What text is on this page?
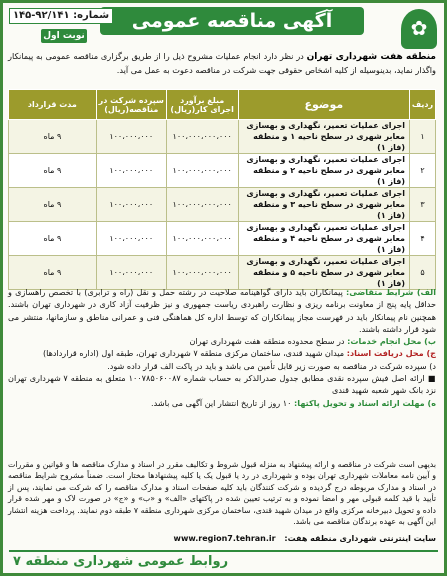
✿
آگهی مناقصه عمومی
شماره: ۹۲/۱۴۱-۱۴۵
نوبت اول
منطقه هفت شهرداری تهران در نظر دارد انجام عملیات مشروح ذیل را از طریق برگزاری مناقصه عمومی به پیمانکار واگذار نماید، بدینوسیله از کلیه اشخاص حقوقی جهت شرکت در مناقصه دعوت به عمل می آید.
ردیف	موضوع	مبلغ برآورد اجرای کار(ریال)	سپرده شرکت در مناقصه(ریال)	مدت قرارداد
۱	اجرای عملیات تعمیر، نگهداری و بهسازی معابر شهری در سطح ناحیه ۱ و منطقه (فاز ۱)	۱۰۰،۰۰۰،۰۰۰،۰۰۰	۱۰۰،۰۰۰،۰۰۰	۹ ماه
۲	اجرای عملیات تعمیر، نگهداری و بهسازی معابر شهری در سطح ناحیه ۲ و منطقه (فاز ۱)	۱۰۰،۰۰۰،۰۰۰،۰۰۰	۱۰۰،۰۰۰،۰۰۰	۹ ماه
۳	اجرای عملیات تعمیر، نگهداری و بهسازی معابر شهری در سطح ناحیه ۳ و منطقه (فاز ۱)	۱۰۰،۰۰۰،۰۰۰،۰۰۰	۱۰۰،۰۰۰،۰۰۰	۹ ماه
۴	اجرای عملیات تعمیر، نگهداری و بهسازی معابر شهری در سطح ناحیه ۴ و منطقه (فاز ۱)	۱۰۰،۰۰۰،۰۰۰،۰۰۰	۱۰۰،۰۰۰،۰۰۰	۹ ماه
۵	اجرای عملیات تعمیر، نگهداری و بهسازی معابر شهری در سطح ناحیه ۵ و منطقه (فاز ۱)	۱۰۰،۰۰۰،۰۰۰،۰۰۰	۱۰۰،۰۰۰،۰۰۰	۹ ماه
الف) شرایط متقاضی: پیمانکاران باید دارای گواهینامه صلاحیت در رشته حمل و نقل (راه و ترابری) با تخصص راهسازی و حداقل پایه پنج از معاونت برنامه ریزی و نظارت راهبردی ریاست جمهوری و نیز ظرفیت آزاد کاری در شهرداری تهران باشند. همچنین نام پیمانکار باید در فهرست مجاز پیمانکاران که توسط اداره کل هماهنگی فنی و عمرانی مناطق و سازمانها، منتشر می شود قرار داشته باشند.
ب) محل انجام خدمات: در سطح محدوده منطقه هفت شهرداری تهران
ج) محل دریافت اسناد: میدان شهید قندی، ساختمان مرکزی منطقه ۷ شهرداری تهران، طبقه اول (اداره قراردادها)
د) سپرده شرکت در مناقصه به صورت زیر قابل تأمین می باشد و باید در پاکت الف قرار داده شود.
■ ارائه اصل فیش سپرده نقدی مطابق جدول صدرالذکر به حساب شماره ۱۰۰۷۸۵۰۶۰۰۸۷ متعلق به منطقه ۷ شهرداری تهران نزد بانک شهر شعبه شهید قندی
ه) مهلت ارائه اسناد و تحویل پاکتها: ۱۰ روز از تاریخ انتشار این آگهی می باشد.
بدیهی است شرکت در مناقصه و ارائه پیشنهاد به منزله قبول شروط و تکالیف مقرر در اسناد و مدارک مناقصه ها و قوانین و مقررات و آیین نامه معاملات شهرداری تهران بوده و شهرداری در رد یا قبول یک یا کلیه پیشنهادها مختار است. ضمناً مشروح شرایط مناقصه در اسناد و مدارک مربوطه درج گردیده و شرکت کنندگان باید کلیه صفحات اسناد و مدارک مناقصه را که شرکت می نمایند، پس از تأیید با قید کلمه قبولی مهر و امضا نموده و به ترتیب تعیین شده در پاکتهای «الف» و «ب» و «ج» در صورت لاک و مهر شده قرار داده و تحویل دبیرخانه مرکزی واقع در میدان شهید قندی، ساختمان مرکزی شهرداری منطقه ۷ طبقه دوم نمایند. پرداخت هزینه انتشار این آگهی به عهده برندگان مناقصه می باشد.
سایت اینترنتی شهرداری منطقه هفت: www.region7.tehran.ir
روابط عمومی شهرداری منطقه ۷
